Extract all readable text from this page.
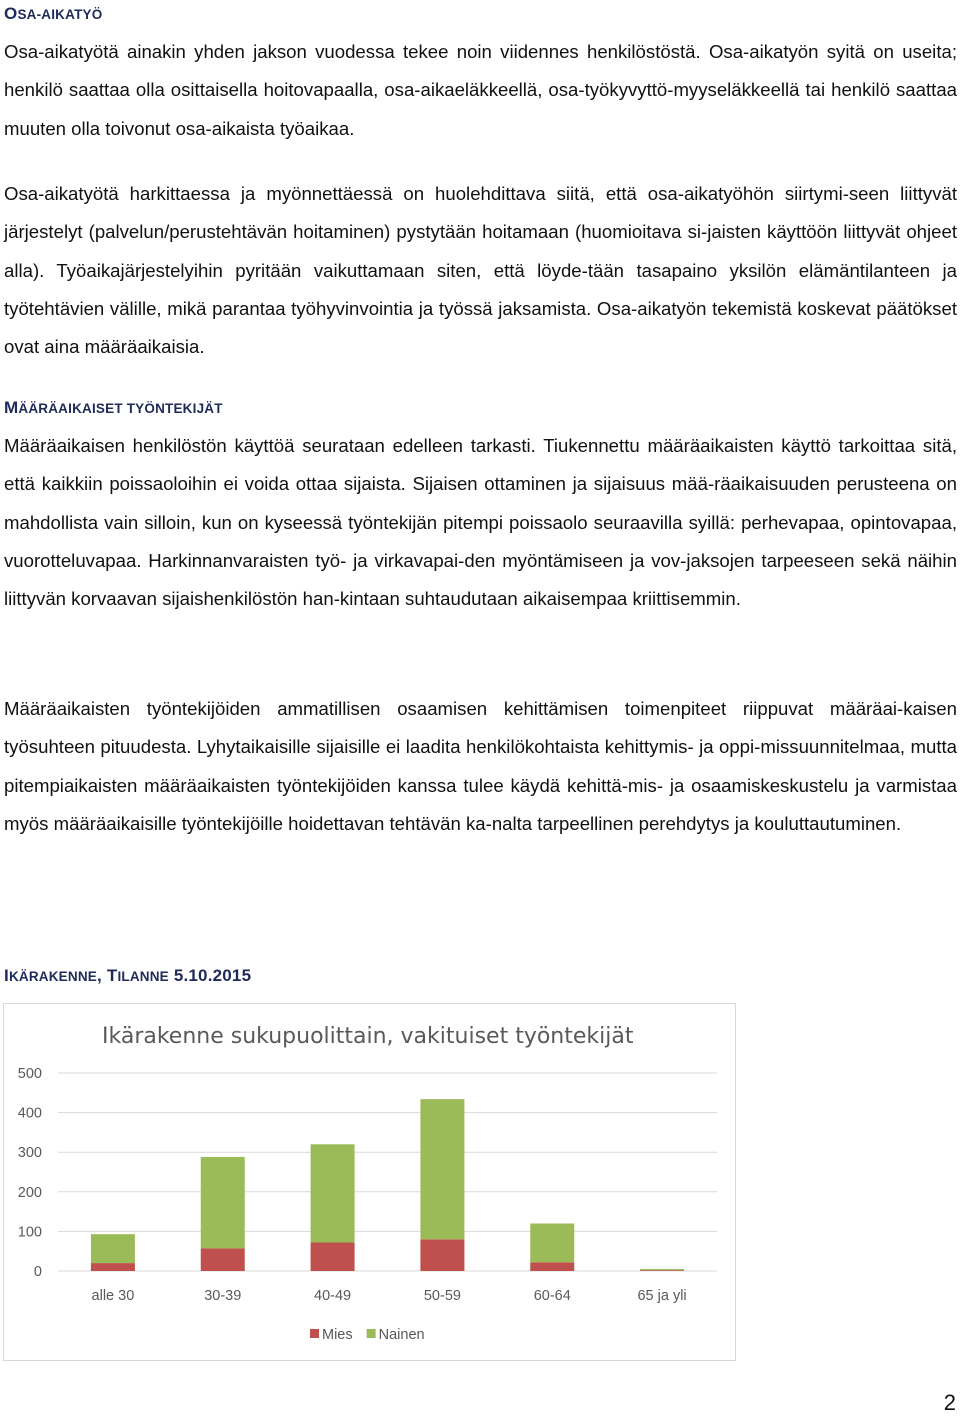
OSA-AIKATYÖ

Osa-aikatyötä ainakin yhden jakson vuodessa tekee noin viidennes henkilöstöstä. Osa-aikatyön syitä on useita; henkilö saattaa olla osittaisella hoitovapaalla, osa-aikaeläkkeellä, osa-työkyvyttö-myyseläkkeellä tai henkilö saattaa muuten olla toivonut osa-aikaista työaikaa.

Osa-aikatyötä harkittaessa ja myönnettäessä on huolehdittava siitä, että osa-aikatyöhön siirtymi-seen liittyvät järjestelyt (palvelun/perustehtävän hoitaminen) pystytään hoitamaan (huomioitava si-jaisten käyttöön liittyvät ohjeet alla). Työaikajärjestelyihin pyritään vaikuttamaan siten, että löyde-tään tasapaino yksilön elämäntilanteen ja työtehtävien välille, mikä parantaa työhyvinvointia ja työssä jaksamista. Osa-aikatyön tekemistä koskevat päätökset ovat aina määräaikaisia.

MÄÄRÄAIKAISET TYÖNTEKIJÄT

Määräaikaisen henkilöstön käyttöä seurataan edelleen tarkasti. Tiukennettu määräaikaisten käyttö tarkoittaa sitä, että kaikkiin poissaoloihin ei voida ottaa sijaista. Sijaisen ottaminen ja sijaisuus mää-räaikaisuuden perusteena on mahdollista vain silloin, kun on kyseessä työntekijän pitempi poissaolo seuraavilla syillä: perhevapaa, opintovapaa, vuorotteluvapaa. Harkinnanvaraisten työ- ja virkavapai-den myöntämiseen ja vov-jaksojen tarpeeseen sekä näihin liittyvän korvaavan sijaishenkilöstön han-kintaan suhtaudutaan aikaisempaa kriittisemmin.

Määräaikaisten työntekijöiden ammatillisen osaamisen kehittämisen toimenpiteet riippuvat määräai-kaisen työsuhteen pituudesta. Lyhytaikaisille sijaisille ei laadita henkilökohtaista kehittymis- ja oppi-missuunnitelmaa, mutta pitempiaikaisten määräaikaisten työntekijöiden kanssa tulee käydä kehittä-mis- ja osaamiskeskustelu ja varmistaa myös määräaikaisille työntekijöille hoidettavan tehtävän ka-nalta tarpeellinen perehdytys ja kouluttautuminen.

IKÄRAKENNE, TILANNE 5.10.2015
Ikärakenne sukupuolittain, vakituiset työntekijät
0
100
200
300
400
500
alle 30	30-39	40-49	50-59	60-64	65 ja yli
Mies Nainen

2
